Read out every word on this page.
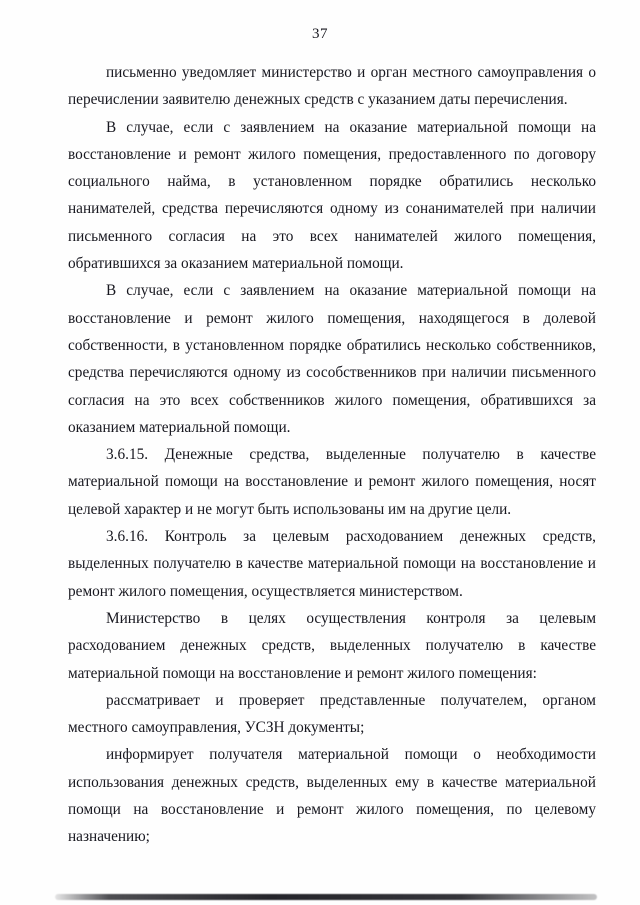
37

письменно уведомляет министерство и орган местного самоуправления о перечислении заявителю денежных средств с указанием даты перечисления.

В случае, если с заявлением на оказание материальной помощи на восстановление и ремонт жилого помещения, предоставленного по договору социального найма, в установленном порядке обратились несколько нанимателей, средства перечисляются одному из сонанимателей при наличии письменного согласия на это всех нанимателей жилого помещения, обратившихся за оказанием материальной помощи.

В случае, если с заявлением на оказание материальной помощи на восстановление и ремонт жилого помещения, находящегося в долевой собственности, в установленном порядке обратились несколько собственников, средства перечисляются одному из сособственников при наличии письменного согласия на это всех собственников жилого помещения, обратившихся за оказанием материальной помощи.

3.6.15. Денежные средства, выделенные получателю в качестве материальной помощи на восстановление и ремонт жилого помещения, носят целевой характер и не могут быть использованы им на другие цели.

3.6.16. Контроль за целевым расходованием денежных средств, выделенных получателю в качестве материальной помощи на восстановление и ремонт жилого помещения, осуществляется министерством.

Министерство в целях осуществления контроля за целевым расходованием денежных средств, выделенных получателю в качестве материальной помощи на восстановление и ремонт жилого помещения:

рассматривает и проверяет представленные получателем, органом местного самоуправления, УСЗН документы;

информирует получателя материальной помощи о необходимости использования денежных средств, выделенных ему в качестве материальной помощи на восстановление и ремонт жилого помещения, по целевому назначению;
